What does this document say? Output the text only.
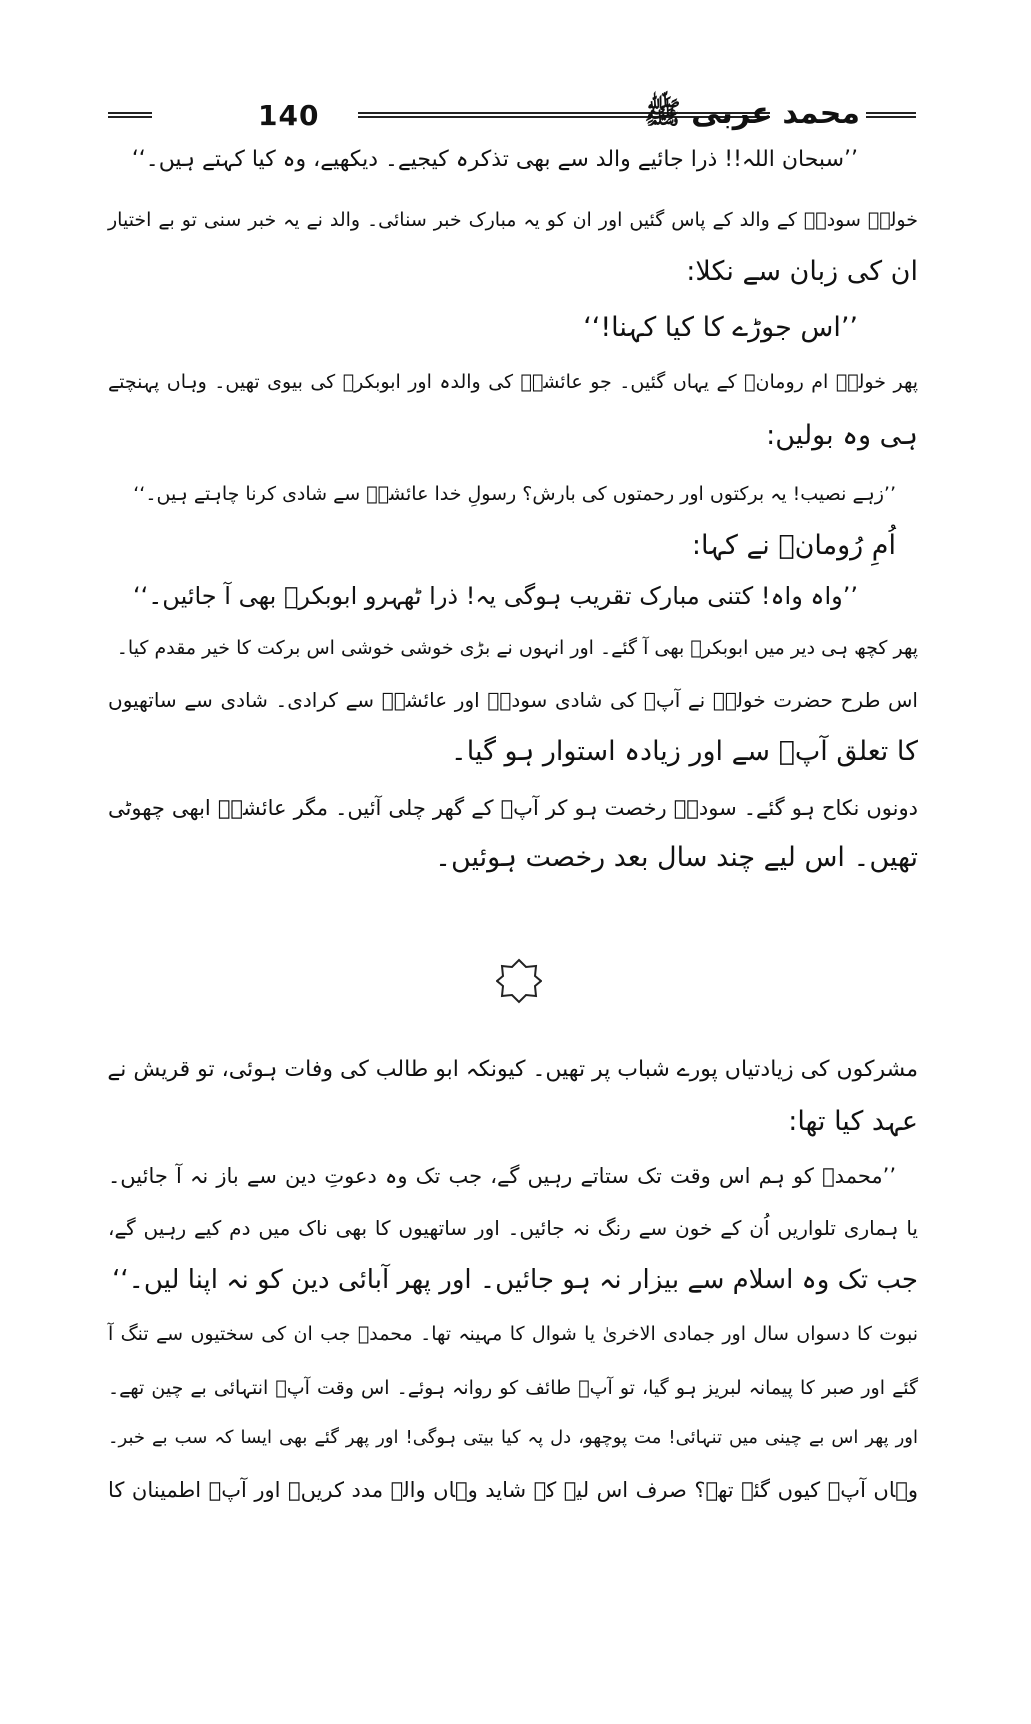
140	محمد عربی ﷺ
’’سبحان اللہ!! ذرا جائیے والد سے بھی تذکرہ کیجیے۔ دیکھیے، وہ کیا کہتے ہیں۔‘‘
خولہؓ سودہؓ کے والد کے پاس گئیں اور ان کو یہ مبارک خبر سنائی۔ والد نے یہ خبر سنی تو بے اختیار
ان کی زبان سے نکلا:
’’اس جوڑے کا کیا کہنا!‘‘
پھر خولہؓ ام رومانؓ کے یہاں گئیں۔ جو عائشہؓ کی والدہ اور ابوبکرؓ کی بیوی تھیں۔ وہاں پہنچتے
ہی وہ بولیں:
’’زہے نصیب! یہ برکتوں اور رحمتوں کی بارش؟ رسولِ خدا عائشہؓ سے شادی کرنا چاہتے ہیں۔‘‘
اُمِ رُومانؓ نے کہا:
’’واہ واہ! کتنی مبارک تقریب ہوگی یہ! ذرا ٹھہرو ابوبکرؓ بھی آ جائیں۔‘‘
پھر کچھ ہی دیر میں ابوبکرؓ بھی آ گئے۔ اور انہوں نے بڑی خوشی خوشی اس برکت کا خیر مقدم کیا۔
اس طرح حضرت خولہؓ نے آپؐ کی شادی سودہؓ اور عائشہؓ سے کرادی۔ شادی سے ساتھیوں
کا تعلق آپؐ سے اور زیادہ استوار ہو گیا۔
دونوں نکاح ہو گئے۔ سودہؓ رخصت ہو کر آپؐ کے گھر چلی آئیں۔ مگر عائشہؓ ابھی چھوٹی
تھیں۔ اس لیے چند سال بعد رخصت ہوئیں۔
مشرکوں کی زیادتیاں پورے شباب پر تھیں۔ کیونکہ ابو طالب کی وفات ہوئی، تو قریش نے
عہد کیا تھا:
’’محمدؐ کو ہم اس وقت تک ستاتے رہیں گے، جب تک وہ دعوتِ دین سے باز نہ آ جائیں۔
یا ہماری تلواریں اُن کے خون سے رنگ نہ جائیں۔ اور ساتھیوں کا بھی ناک میں دم کیے رہیں گے،
جب تک وہ اسلام سے بیزار نہ ہو جائیں۔ اور پھر آبائی دین کو نہ اپنا لیں۔‘‘
نبوت کا دسواں سال اور جمادی الاخریٰ یا شوال کا مہینہ تھا۔ محمدؐ جب ان کی سختیوں سے تنگ آ
گئے اور صبر کا پیمانہ لبریز ہو گیا، تو آپؐ طائف کو روانہ ہوئے۔ اس وقت آپؐ انتہائی بے چین تھے۔
اور پھر اس بے چینی میں تنہائی! مت پوچھو، دل پہ کیا بیتی ہوگی! اور پھر گئے بھی ایسا کہ سب بے خبر۔
وہاں آپؐ کیوں گئے تھے؟ صرف اس لیے کہ شاید وہاں والے مدد کریں۔ اور آپؐ اطمینان کا
